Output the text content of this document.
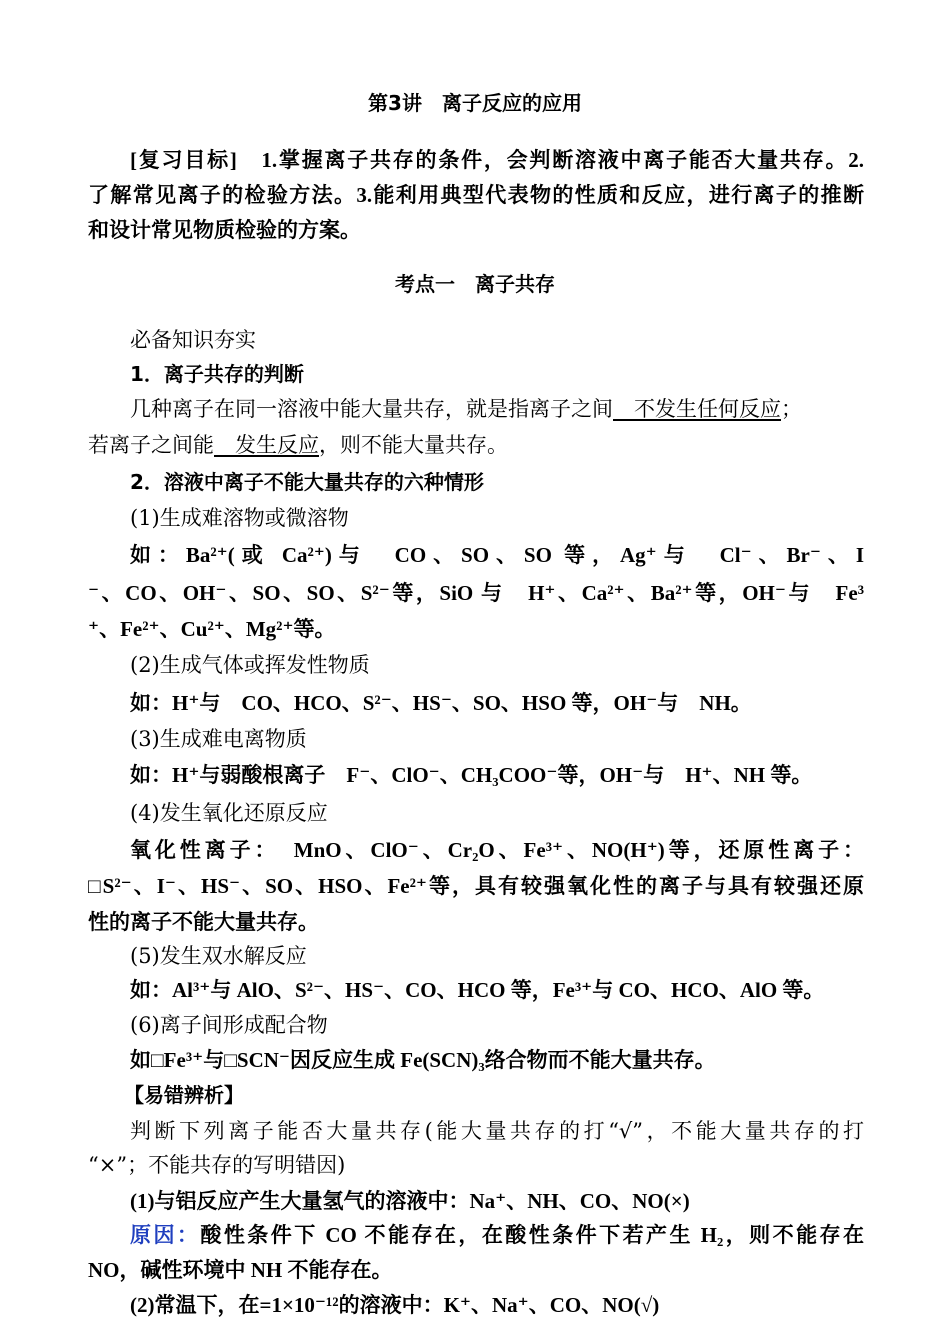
第3讲　离子反应的应用
[复习目标]　1.掌握离子共存的条件，会判断溶液中离子能否大量共存。2.
了解常见离子的检验方法。3.能利用典型代表物的性质和反应，进行离子的推断
和设计常见物质检验的方案。
考点一　离子共存
必备知识夯实
1．离子共存的判断
几种离子在同一溶液中能大量共存，就是指离子之间　不发生任何反应；
若离子之间能　发生反应，则不能大量共存。
2．溶液中离子不能大量共存的六种情形
(1)生成难溶物或微溶物
如：Ba²⁺(或 Ca²⁺)与　CO、SO、SO 等，Ag⁺与　Cl⁻、Br⁻、I
⁻、CO、OH⁻、SO、SO、S²⁻等，SiO 与　H⁺、Ca²⁺、Ba²⁺等，OH⁻与　Fe³
⁺、Fe²⁺、Cu²⁺、Mg²⁺等。
(2)生成气体或挥发性物质
如：H⁺与　CO、HCO、S²⁻、HS⁻、SO、HSO 等，OH⁻与　NH。
(3)生成难电离物质
如：H⁺与弱酸根离子　F⁻、ClO⁻、CH₃COO⁻等，OH⁻与　H⁺、NH 等。
(4)发生氧化还原反应
氧化性离子：　MnO、ClO⁻、Cr₂O、Fe³⁺、NO(H⁺)等，还原性离子：
□S²⁻、I⁻、HS⁻、SO、HSO、Fe²⁺等，具有较强氧化性的离子与具有较强还原
性的离子不能大量共存。
(5)发生双水解反应
如：Al³⁺与 AlO、S²⁻、HS⁻、CO、HCO 等，Fe³⁺与 CO、HCO、AlO 等。
(6)离子间形成配合物
如□Fe³⁺与□SCN⁻因反应生成 Fe(SCN)₃络合物而不能大量共存。
【易错辨析】
判断下列离子能否大量共存(能大量共存的打“√”，不能大量共存的打
“×”；不能共存的写明错因)
(1)与铝反应产生大量氢气的溶液中：Na⁺、NH、CO、NO(×)
原因：酸性条件下 CO 不能存在，在酸性条件下若产生 H₂，则不能存在
NO，碱性环境中 NH 不能存在。
(2)常温下，在=1×10⁻¹²的溶液中：K⁺、Na⁺、CO、NO(√)
